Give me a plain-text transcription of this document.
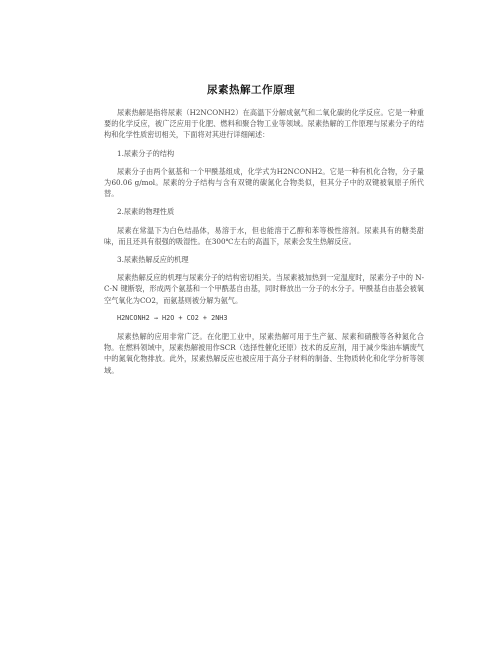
尿素热解工作原理

尿素热解是指将尿素（H2NCONH2）在高温下分解成氨气和二氧化碳的化学反应。它是一种重要的化学反应，被广泛应用于化肥、燃料和聚合物工业等领域。尿素热解的工作原理与尿素分子的结构和化学性质密切相关，下面将对其进行详细阐述：

1.尿素分子的结构

尿素分子由两个氨基和一个甲酰基组成，化学式为H2NCONH2。它是一种有机化合物，分子量为60.06 g/mol。尿素的分子结构与含有双键的碳氮化合物类似，但其分子中的双键被氧原子所代替。

2.尿素的物理性质

尿素在常温下为白色结晶体，易溶于水，但也能溶于乙醇和苯等极性溶剂。尿素具有的糖类甜味，而且还具有很强的吸湿性。在300℃左右的高温下，尿素会发生热解反应。

3.尿素热解反应的机理

尿素热解反应的机理与尿素分子的结构密切相关。当尿素被加热到一定温度时，尿素分子中的 N-C-N 键断裂，形成两个氨基和一个甲酰基自由基，同时释放出一分子的水分子。甲酰基自由基会被氧空气氧化为CO2，而氨基则被分解为氨气。

H2NCONH2 → H2O + CO2 + 2NH3

尿素热解的应用非常广泛。在化肥工业中，尿素热解可用于生产氨、尿素和硝酸等各种氮化合物。在燃料领域中，尿素热解被用作SCR（选择性催化还原）技术的反应剂，用于减少柴油车辆废气中的氮氧化物排放。此外，尿素热解反应也被应用于高分子材料的制备、生物质转化和化学分析等领域。
